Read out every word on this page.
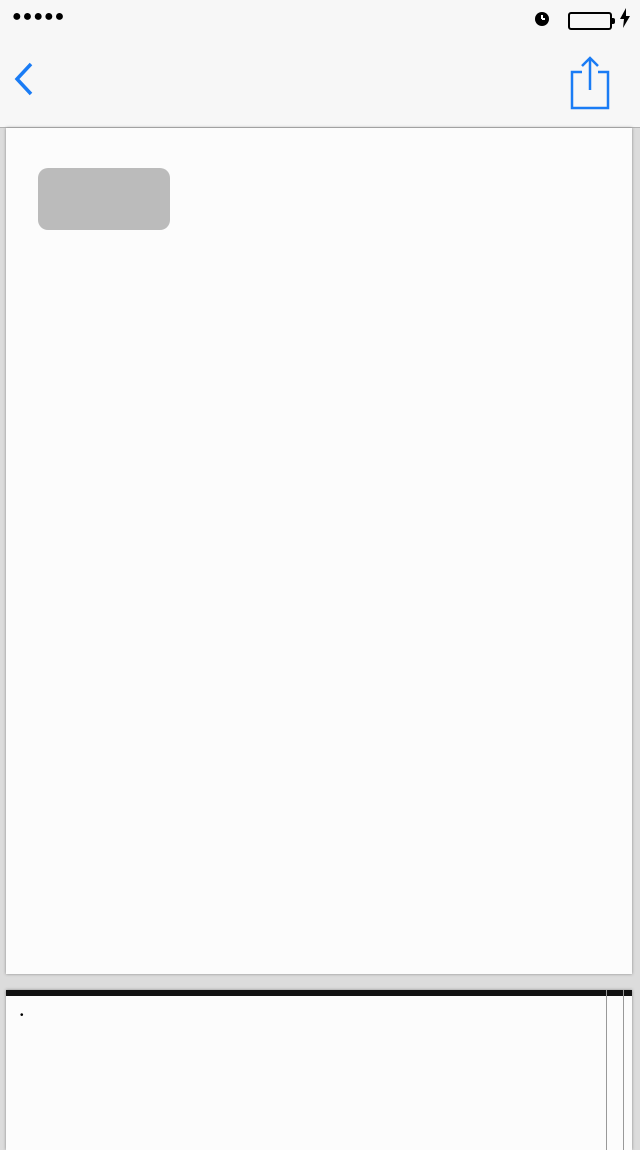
●●●●●
•
